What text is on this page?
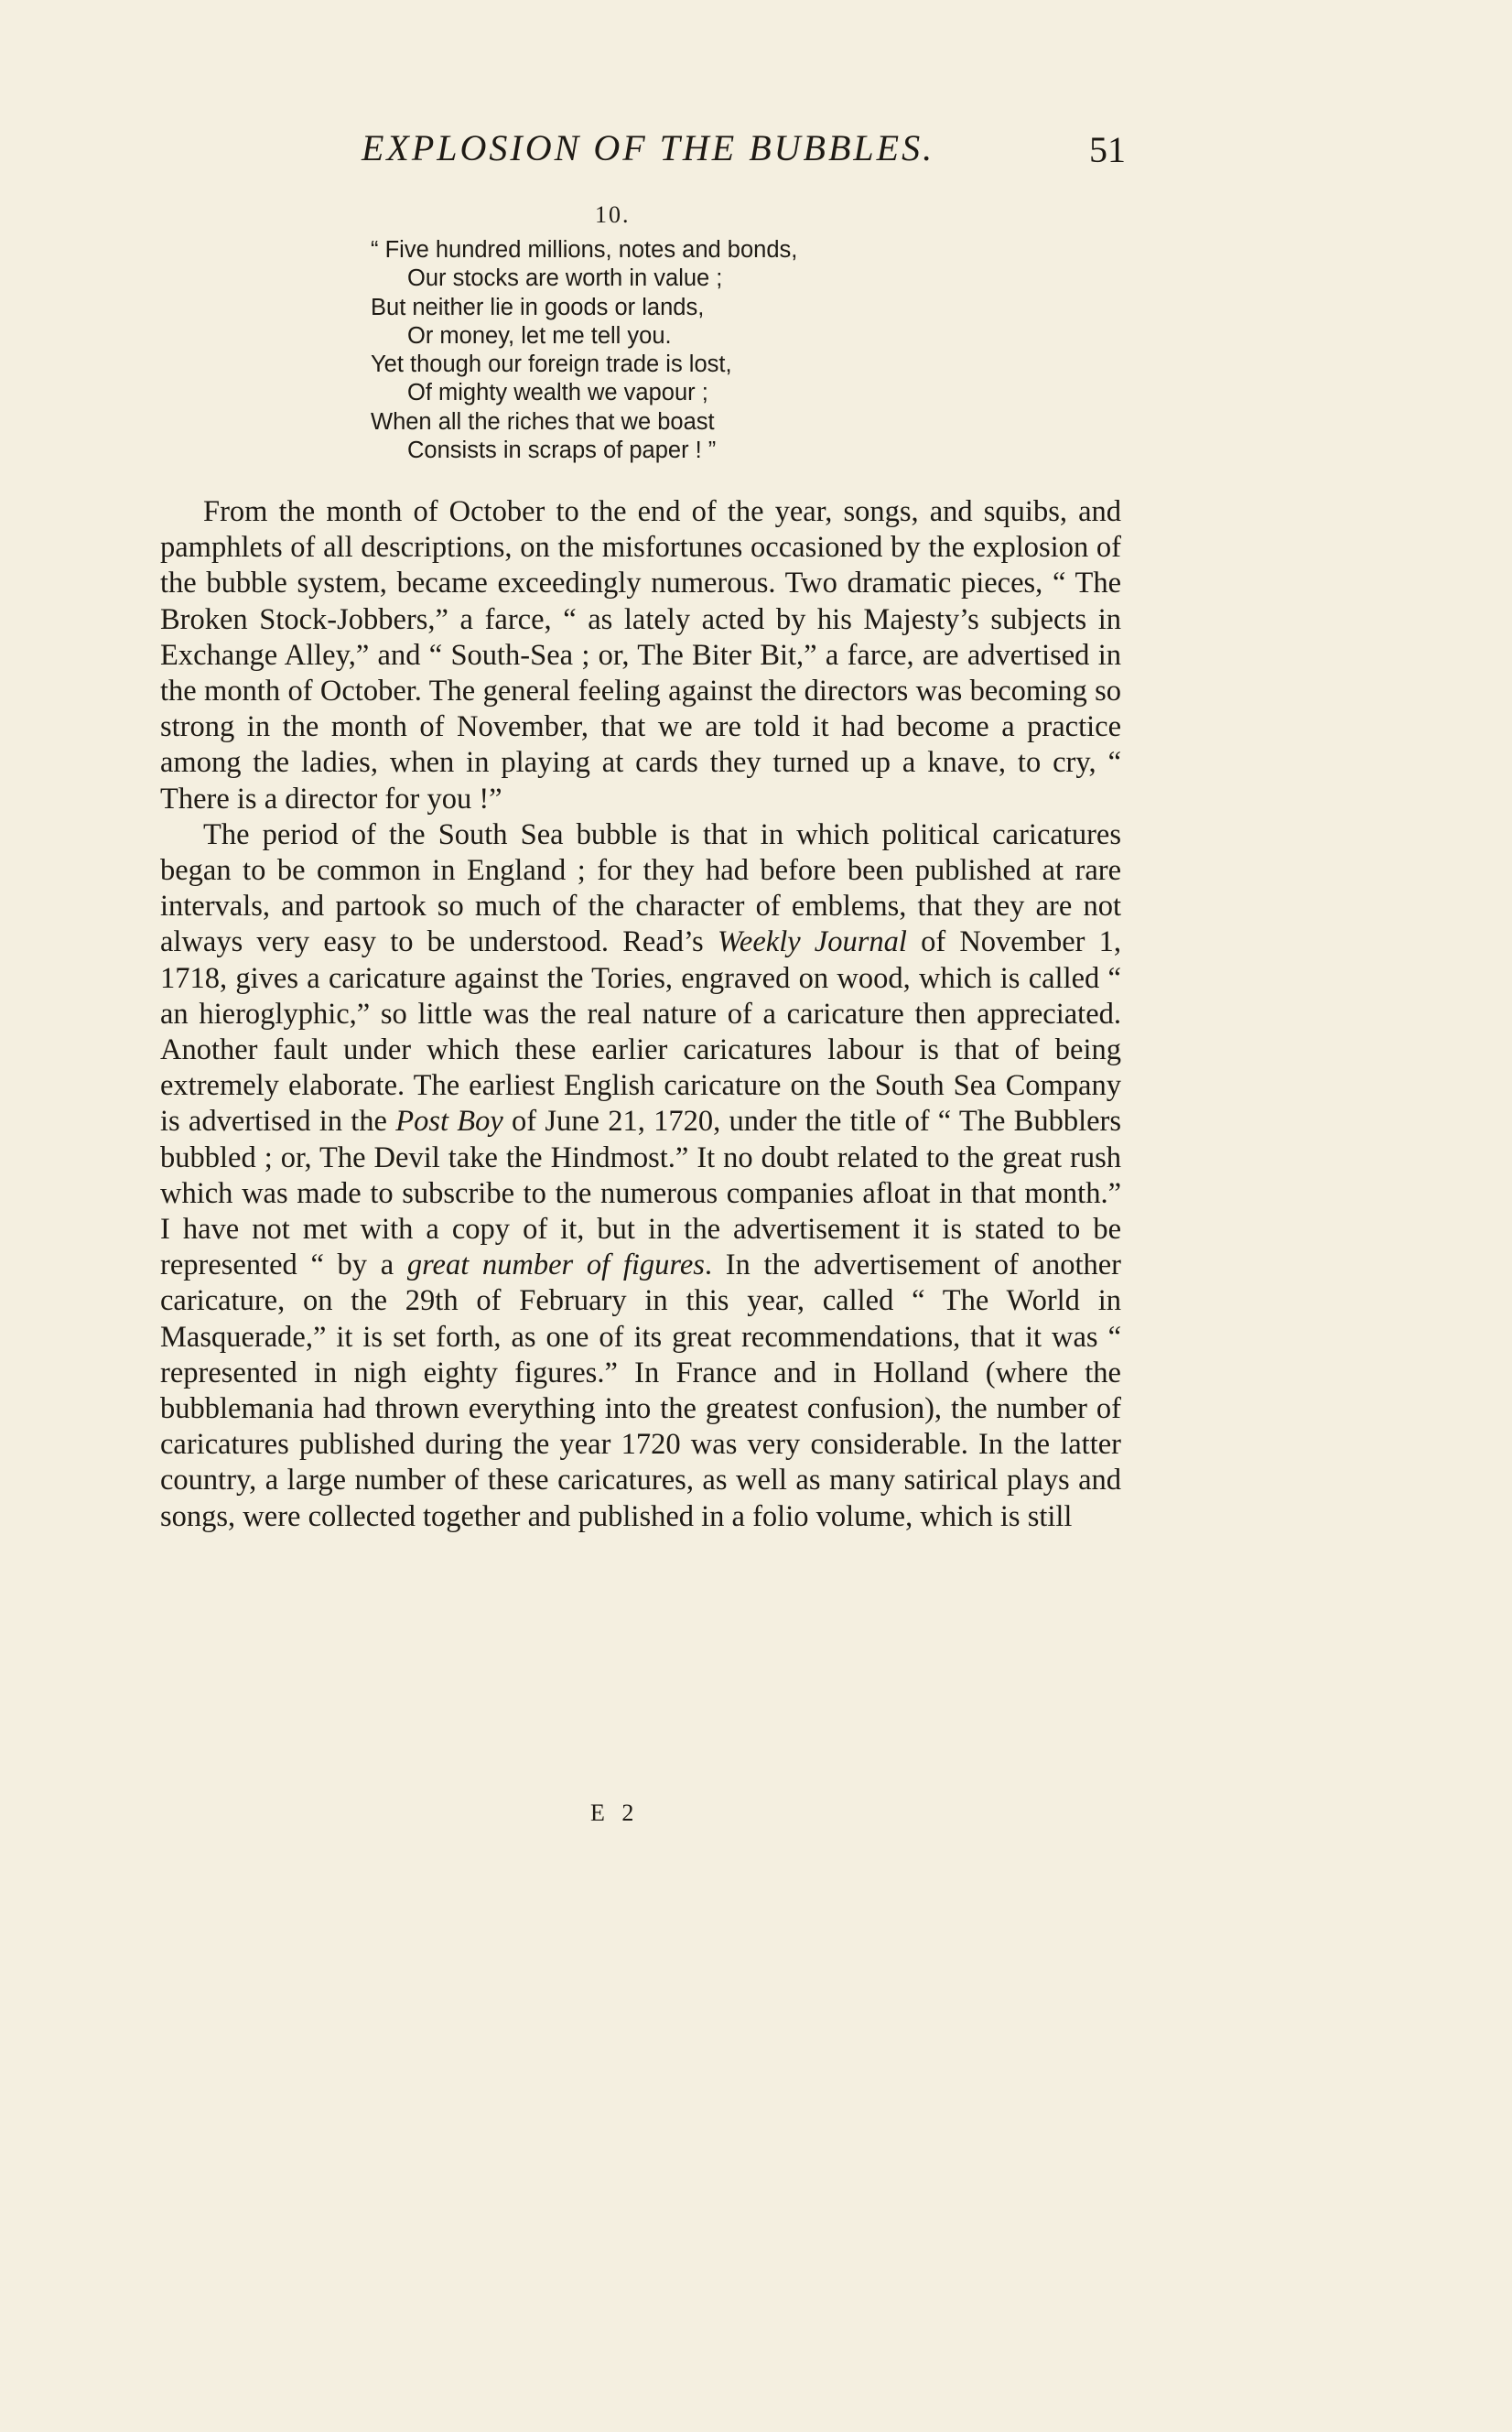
EXPLOSION OF THE BUBBLES.	51
10.
“ Five hundred millions, notes and bonds,
Our stocks are worth in value ;
But neither lie in goods or lands,
Or money, let me tell you.
Yet though our foreign trade is lost,
Of mighty wealth we vapour ;
When all the riches that we boast
Consists in scraps of paper ! ”

From the month of October to the end of the year, songs, and squibs, and pamphlets of all descriptions, on the misfortunes occasioned by the explosion of the bubble system, became exceedingly numerous. Two dramatic pieces, “ The Broken Stock-Jobbers,” a farce, “ as lately acted by his Majesty’s subjects in Exchange Alley,” and “ South-Sea ; or, The Biter Bit,” a farce, are advertised in the month of October. The general feeling against the directors was becoming so strong in the month of November, that we are told it had become a practice among the ladies, when in playing at cards they turned up a knave, to cry, “ There is a director for you !”

The period of the South Sea bubble is that in which political caricatures began to be common in England ; for they had before been published at rare intervals, and partook so much of the character of emblems, that they are not always very easy to be understood. Read’s Weekly Journal of November 1, 1718, gives a caricature against the Tories, engraved on wood, which is called “ an hieroglyphic,” so little was the real nature of a caricature then appreciated. Another fault under which these earlier caricatures labour is that of being extremely elaborate. The earliest English caricature on the South Sea Company is advertised in the Post Boy of June 21, 1720, under the title of “ The Bubblers bubbled ; or, The Devil take the Hindmost.” It no doubt related to the great rush which was made to subscribe to the numerous companies afloat in that month.” I have not met with a copy of it, but in the advertisement it is stated to be represented “ by a great number of figures. In the advertisement of another caricature, on the 29th of February in this year, called “ The World in Masquerade,” it is set forth, as one of its great recommendations, that it was “ represented in nigh eighty figures.” In France and in Holland (where the bubblemania had thrown everything into the greatest confusion), the number of caricatures published during the year 1720 was very considerable. In the latter country, a large number of these caricatures, as well as many satirical plays and songs, were collected together and published in a folio volume, which is still

E 2
